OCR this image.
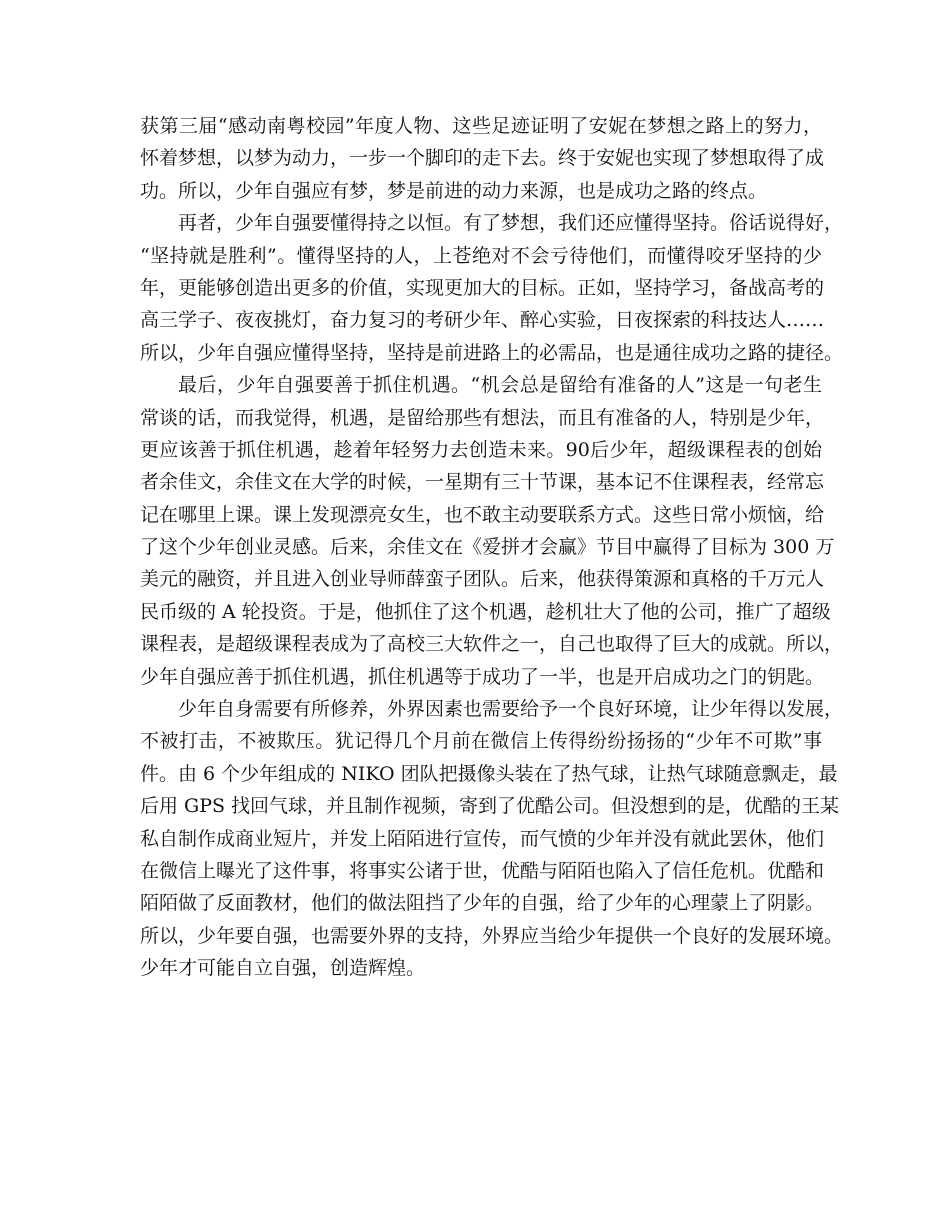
获第三届“感动南粤校园”年度人物、这些足迹证明了安妮在梦想之路上的努力，
怀着梦想，以梦为动力，一步一个脚印的走下去。终于安妮也实现了梦想取得了成
功。所以，少年自强应有梦，梦是前进的动力来源，也是成功之路的终点。
再者，少年自强要懂得持之以恒。有了梦想，我们还应懂得坚持。俗话说得好，
“坚持就是胜利”。懂得坚持的人，上苍绝对不会亏待他们，而懂得咬牙坚持的少
年，更能够创造出更多的价值，实现更加大的目标。正如，坚持学习，备战高考的
高三学子、夜夜挑灯，奋力复习的考研少年、醉心实验，日夜探索的科技达人……
所以，少年自强应懂得坚持，坚持是前进路上的必需品，也是通往成功之路的捷径。
最后，少年自强要善于抓住机遇。“机会总是留给有准备的人”这是一句老生
常谈的话，而我觉得，机遇，是留给那些有想法，而且有准备的人，特别是少年，
更应该善于抓住机遇，趁着年轻努力去创造未来。90后少年，超级课程表的创始
者余佳文，余佳文在大学的时候，一星期有三十节课，基本记不住课程表，经常忘
记在哪里上课。课上发现漂亮女生，也不敢主动要联系方式。这些日常小烦恼，给
了这个少年创业灵感。后来，余佳文在《爱拼才会赢》节目中赢得了目标为 300 万
美元的融资，并且进入创业导师薛蛮子团队。后来，他获得策源和真格的千万元人
民币级的 A 轮投资。于是，他抓住了这个机遇，趁机壮大了他的公司，推广了超级
课程表，是超级课程表成为了高校三大软件之一，自己也取得了巨大的成就。所以，
少年自强应善于抓住机遇，抓住机遇等于成功了一半，也是开启成功之门的钥匙。
少年自身需要有所修养，外界因素也需要给予一个良好环境，让少年得以发展，
不被打击，不被欺压。犹记得几个月前在微信上传得纷纷扬扬的“少年不可欺”事
件。由 6 个少年组成的 NIKO 团队把摄像头装在了热气球，让热气球随意飘走，最
后用 GPS 找回气球，并且制作视频，寄到了优酷公司。但没想到的是，优酷的王某
私自制作成商业短片，并发上陌陌进行宣传，而气愤的少年并没有就此罢休，他们
在微信上曝光了这件事，将事实公诸于世，优酷与陌陌也陷入了信任危机。优酷和
陌陌做了反面教材，他们的做法阻挡了少年的自强，给了少年的心理蒙上了阴影。
所以，少年要自强，也需要外界的支持，外界应当给少年提供一个良好的发展环境。
少年才可能自立自强，创造辉煌。
